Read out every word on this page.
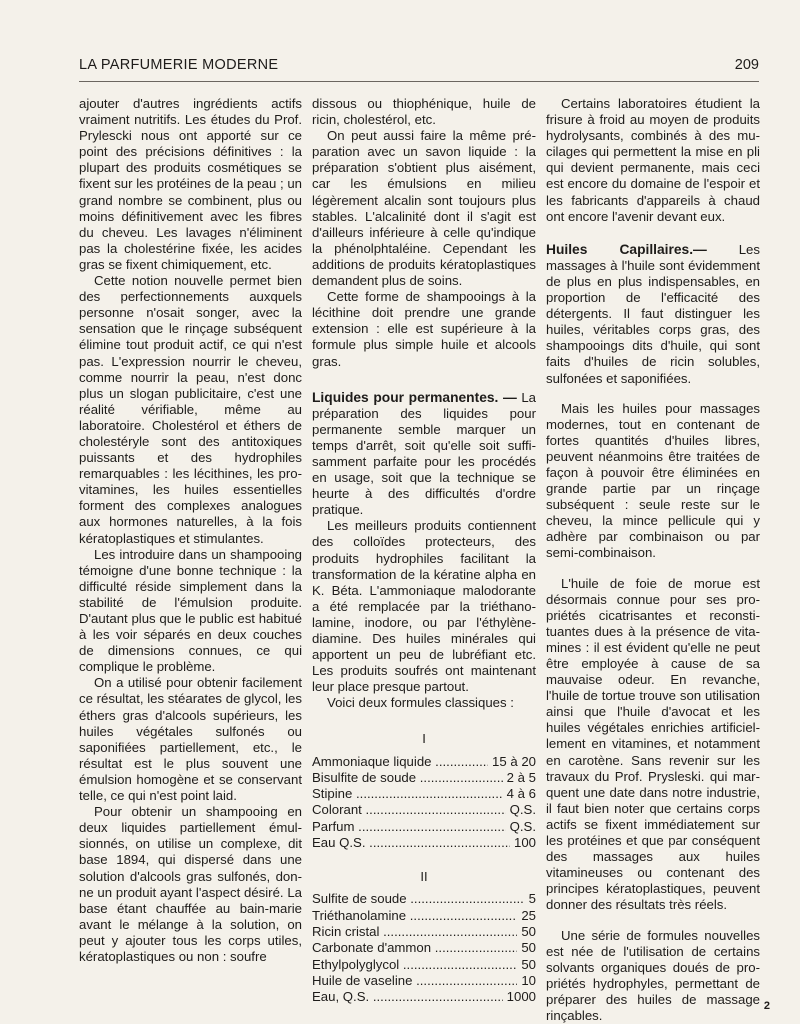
LA PARFUMERIE MODERNE	209

ajouter d'autres ingrédients actifs vraiment nutritifs. Les études du Prof. Prylescki nous ont apporté sur ce point des précisions définitives : la plupart des produits cosmétiques se fixent sur les protéines de la peau ; un grand nombre se combinent, plus ou moins définitivement avec les fibres du cheveu. Les lavages n'éliminent pas la cholestérine fixée, les acides gras se fixent chimiquement, etc.

Cette notion nouvelle permet bien des perfectionnements auxquels personne n'osait songer, avec la sensation que le rinçage subséquent élimine tout produit actif, ce qui n'est pas. L'expression nourrir le cheveu, comme nourrir la peau, n'est donc plus un slogan publicitaire, c'est une réalité vérifiable, même au laboratoire. Cholestérol et éthers de cholestéryle sont des antitoxiques puissants et des hydrophiles remarquables : les lécithines, les pro-vitamines, les huiles essentielles forment des complexes analogues aux hormones naturelles, à la fois kératoplastiques et stimulantes.

Les introduire dans un shampooing témoigne d'une bonne technique : la difficulté réside simplement dans la stabilité de l'émulsion produite. D'autant plus que le public est habitué à les voir séparés en deux couches de dimensions connues, ce qui complique le problème.

On a utilisé pour obtenir facilement ce résultat, les stéarates de glycol, les éthers gras d'alcools supérieurs, les huiles végétales sulfonés ou saponifiées partiellement, etc., le résultat est le plus souvent une émulsion homogène et se conservant telle, ce qui n'est point laid.

Pour obtenir un shampooing en deux liquides partiellement émulsionnés, on utilise un complexe, dit base 1894, qui dispersé dans une solution d'alcools gras sulfonés, donne un produit ayant l'aspect désiré. La base étant chauffée au bain-marie avant le mélange à la solution, on peut y ajouter tous les corps utiles, kératoplastiques ou non : soufre

dissous ou thiophénique, huile de ricin, cholestérol, etc.

On peut aussi faire la même préparation avec un savon liquide : la préparation s'obtient plus aisément, car les émulsions en milieu légèrement alcalin sont toujours plus stables. L'alcalinité dont il s'agit est d'ailleurs inférieure à celle qu'indique la phénolphtaléine. Cependant les additions de produits kératoplastiques demandent plus de soins.

Cette forme de shampooings à la lécithine doit prendre une grande extension : elle est supérieure à la formule plus simple huile et alcools gras.

Liquides pour permanentes. — La préparation des liquides pour permanente semble marquer un temps d'arrêt, soit qu'elle soit suffisamment parfaite pour les procédés en usage, soit que la technique se heurte à des difficultés d'ordre pratique.

Les meilleurs produits contiennent des colloïdes protecteurs, des produits hydrophiles facilitant la transformation de la kératine alpha en K. Béta. L'ammoniaque malodorante a été remplacée par la triéthanolamine, inodore, ou par l'éthylènediamine. Des huiles minérales qui apportent un peu de lubréfiant etc. Les produits soufrés ont maintenant leur place presque partout.

Voici deux formules classiques :

I
Ammoniaque liquide .....	15 à 20
Bisulfite de soude .....	2 à 5
Stipine .....	4 à 6
Colorant .....	Q.S.
Parfum .....	Q.S.
Eau Q.S. .....	100
II
Sulfite de soude .....	5
Triéthanolamine .....	25
Ricin cristal .....	50
Carbonate d'ammon .....	50
Ethylpolyglycol .....	50
Huile de vaseline .....	10
Eau, Q.S. .....	1000

Certains laboratoires étudient la frisure à froid au moyen de produits hydrolysants, combinés à des mucilages qui permettent la mise en pli qui devient permanente, mais ceci est encore du domaine de l'espoir et les fabricants d'appareils à chaud ont encore l'avenir devant eux.

Huiles Capillaires.— Les massages à l'huile sont évidemment de plus en plus indispensables, en proportion de l'efficacité des détergents. Il faut distinguer les huiles, véritables corps gras, des shampooings dits d'huile, qui sont faits d'huiles de ricin solubles, sulfonées et saponifiées.

Mais les huiles pour massages modernes, tout en contenant de fortes quantités d'huiles libres, peuvent néanmoins être traitées de façon à pouvoir être éliminées en grande partie par un rinçage subséquent : seule reste sur le cheveu, la mince pellicule qui y adhère par combinaison ou par semi-combinaison.

L'huile de foie de morue est désormais connue pour ses propriétés cicatrisantes et reconstituantes dues à la présence de vitamines : il est évident qu'elle ne peut être employée à cause de sa mauvaise odeur. En revanche, l'huile de tortue trouve son utilisation ainsi que l'huile d'avocat et les huiles végétales enrichies artificiellement en vitamines, et notamment en carotène. Sans revenir sur les travaux du Prof. Prysleski. qui marquent une date dans notre industrie, il faut bien noter que certains corps actifs se fixent immédiatement sur les protéines et que par conséquent des massages aux huiles vitamineuses ou contenant des principes kératoplastiques, peuvent donner des résultats très réels.

Une série de formules nouvelles est née de l'utilisation de certains solvants organiques doués de propriétés hydrophyles, permettant de préparer des huiles de massage rinçables.

2
